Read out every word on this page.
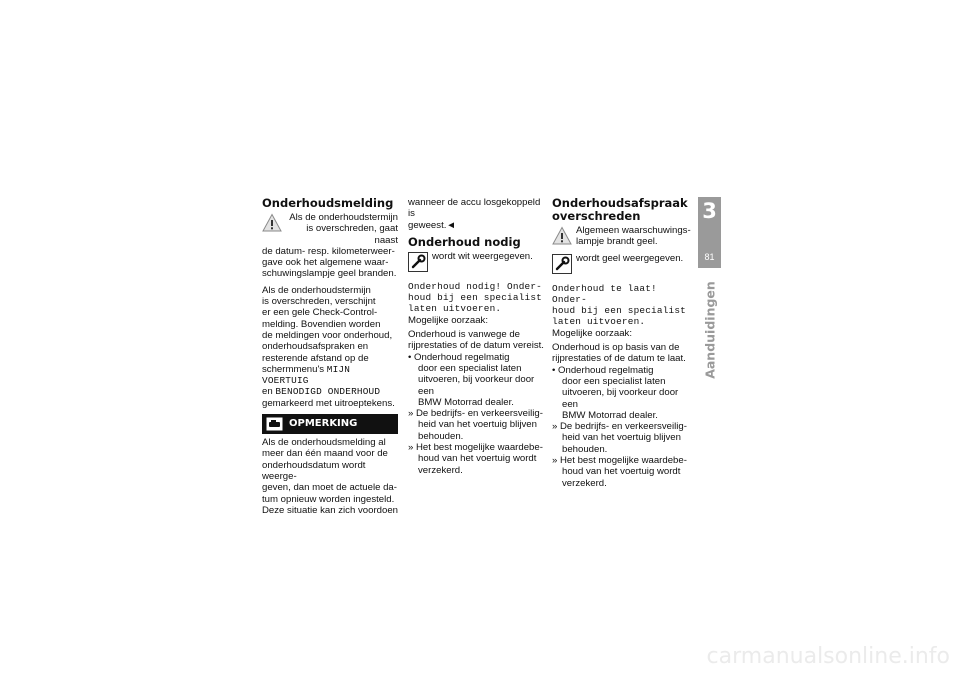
Onderhoudsmelding

Als de onderhoudstermijn

is overschreden, gaat naast

de datum- resp. kilometerweer-

gave ook het algemene waar-

schuwingslampje geel branden.

Als de onderhoudstermijn

is overschreden, verschijnt

er een gele Check-Control-

melding. Bovendien worden

de meldingen voor onderhoud,

onderhoudsafspraken en

resterende afstand op de

schermmenu's MIJN VOERTUIG

en BENODIGD ONDERHOUD

gemarkeerd met uitroeptekens.

OPMERKING

Als de onderhoudsmelding al

meer dan één maand voor de

onderhoudsdatum wordt weerge-

geven, dan moet de actuele da-

tum opnieuw worden ingesteld.

Deze situatie kan zich voordoen

wanneer de accu losgekoppeld is

geweest.◄

Onderhoud nodig

wordt wit weergegeven.

Onderhoud nodig! Onder-

houd bij een specialist

laten uitvoeren.

Mogelijke oorzaak:

Onderhoud is vanwege de

rijprestaties of de datum vereist.

• Onderhoud regelmatig

door een specialist laten

uitvoeren, bij voorkeur door een

BMW Motorrad dealer.

» De bedrijfs- en verkeersveilig-

heid van het voertuig blijven

behouden.

» Het best mogelijke waardebe-

houd van het voertuig wordt

verzekerd.

Onderhoudsafspraak
overschreden

Algemeen waarschuwings-

lampje brandt geel.

wordt geel weergegeven.

Onderhoud te laat! Onder-

houd bij een specialist

laten uitvoeren.

Mogelijke oorzaak:

Onderhoud is op basis van de

rijprestaties of de datum te laat.

• Onderhoud regelmatig

door een specialist laten

uitvoeren, bij voorkeur door een

BMW Motorrad dealer.

» De bedrijfs- en verkeersveilig-

heid van het voertuig blijven

behouden.

» Het best mogelijke waardebe-

houd van het voertuig wordt

verzekerd.

3
81
Aanduidingen
carmanualsonline.info
